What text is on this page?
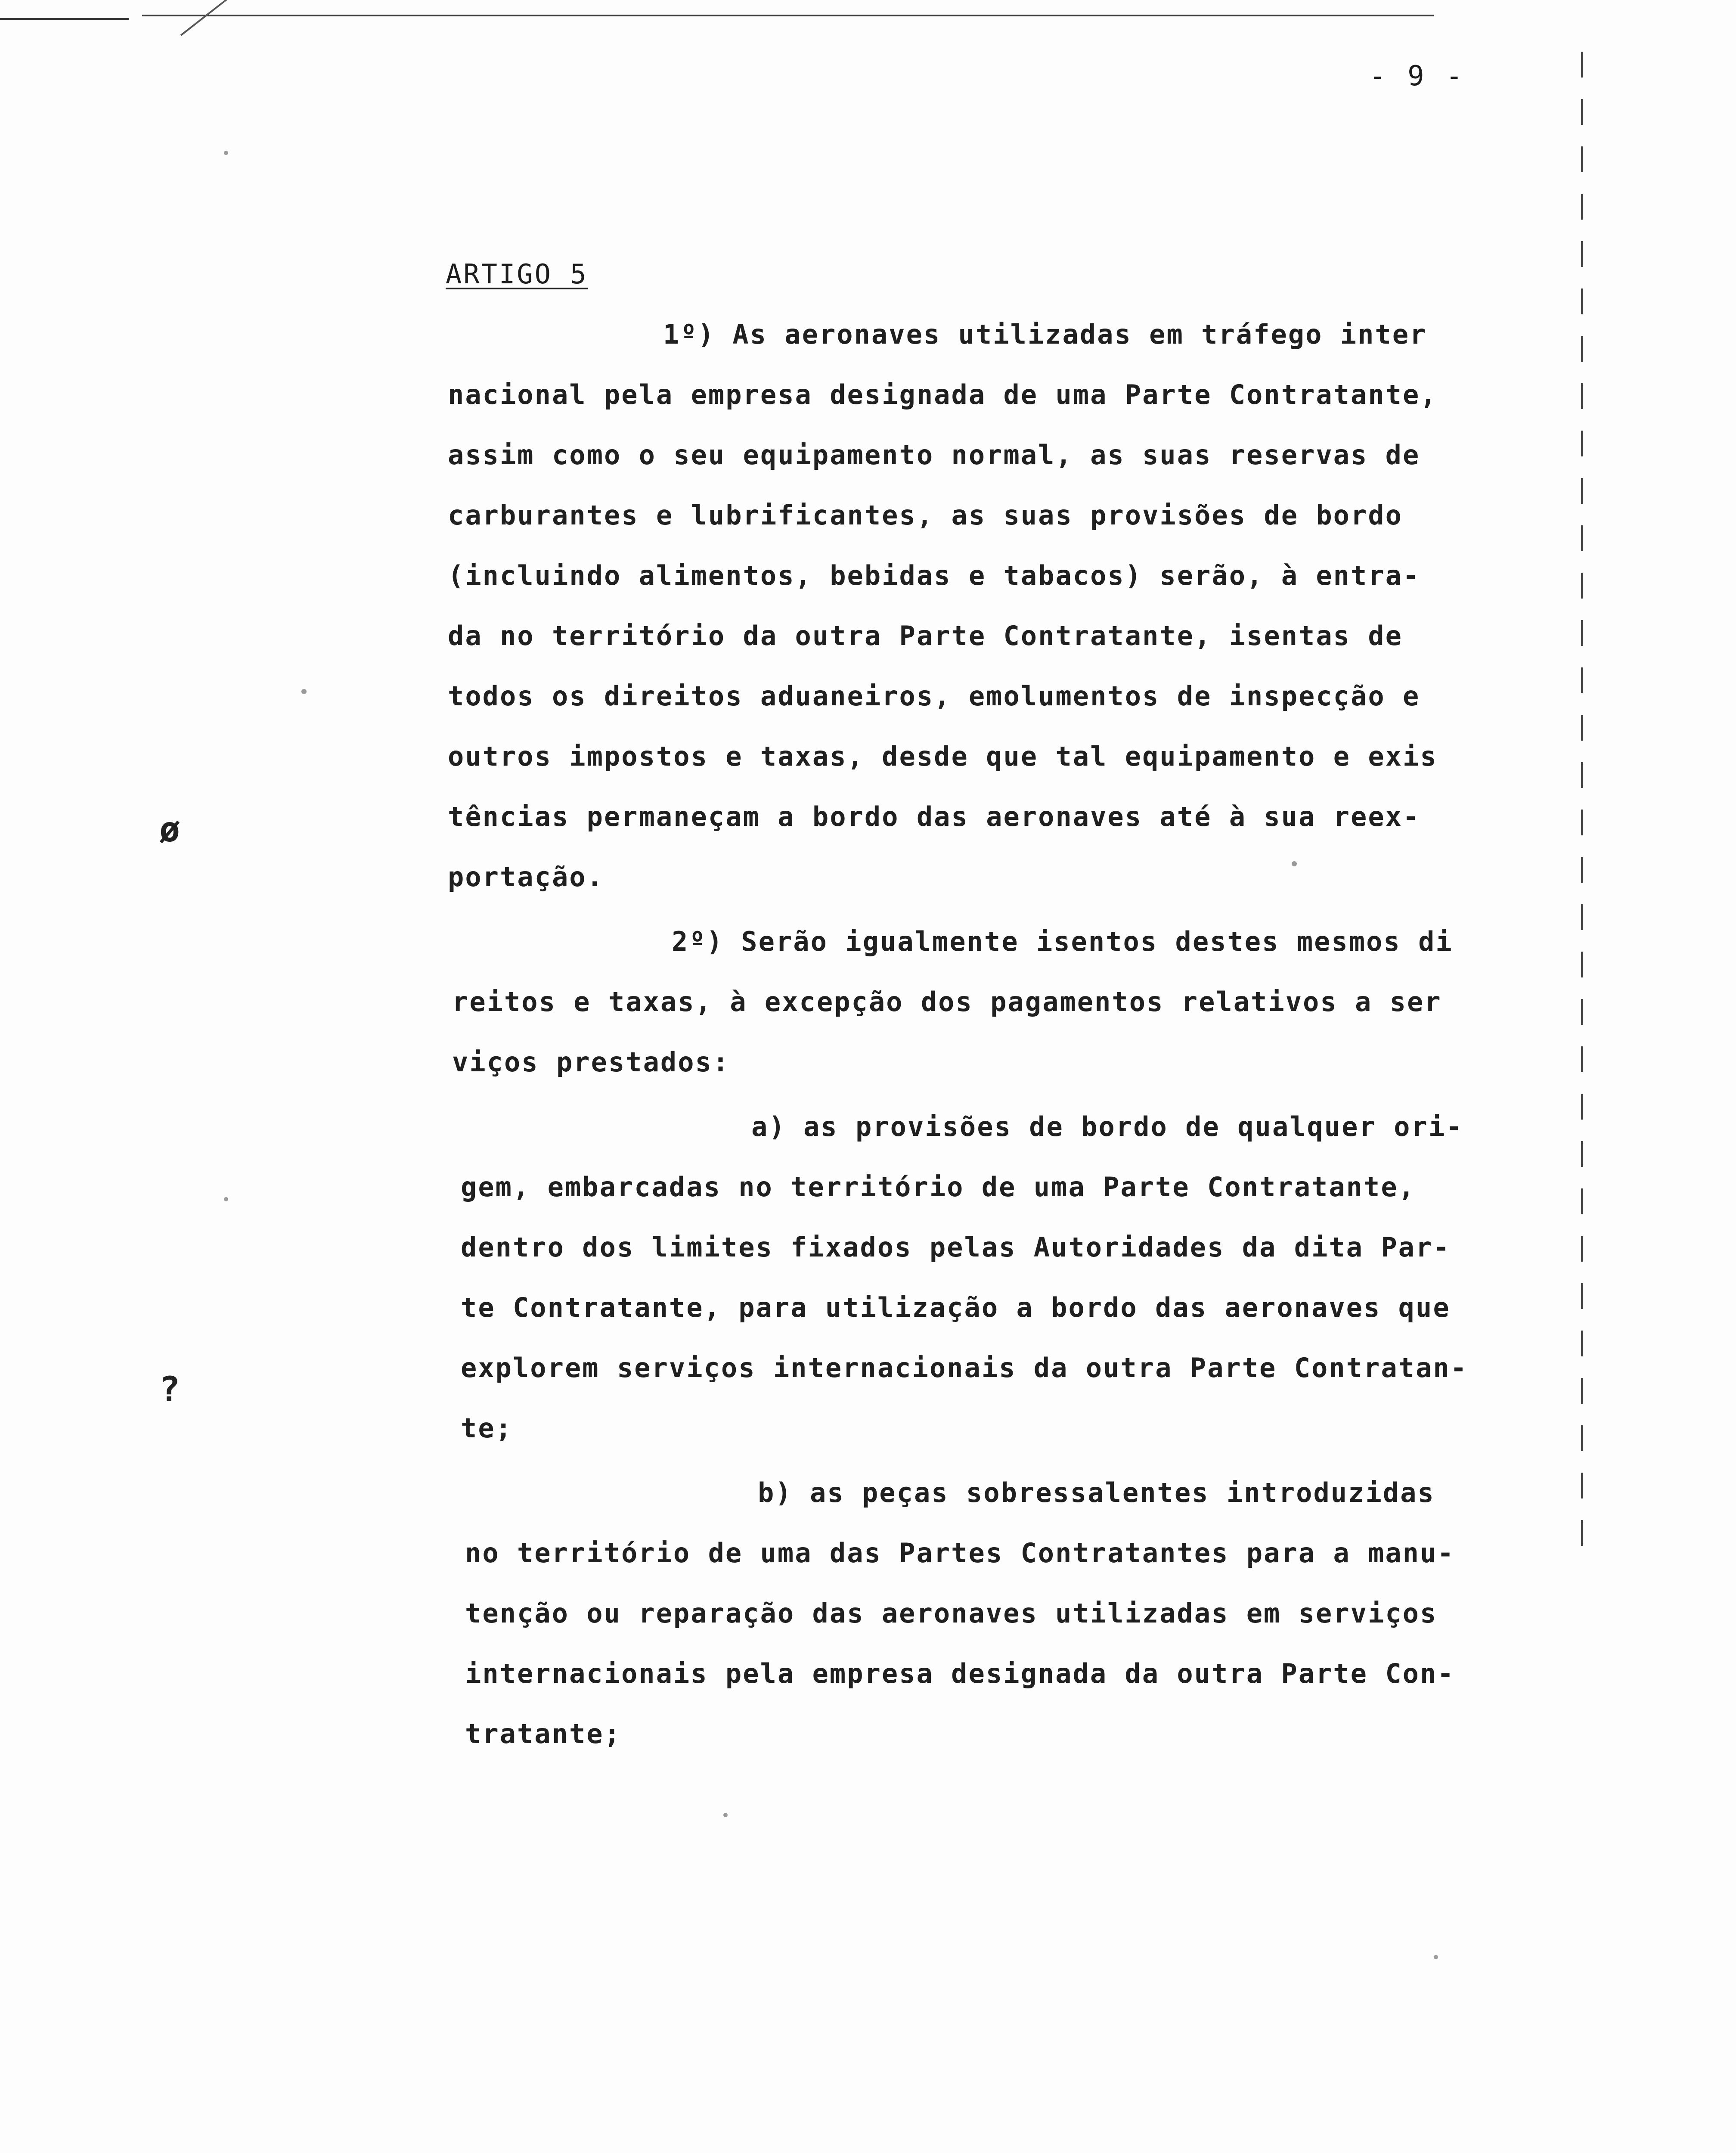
- 9 -
ARTIGO 5
1º) As aeronaves utilizadas em tráfego inter
nacional pela empresa designada de uma Parte Contratante,
assim como o seu equipamento normal, as suas reservas de
carburantes e lubrificantes, as suas provisões de bordo
(incluindo alimentos, bebidas e tabacos) serão, à entra-
da no território da outra Parte Contratante, isentas de
todos os direitos aduaneiros, emolumentos de inspecção e
outros impostos e taxas, desde que tal equipamento e exis
tências permaneçam a bordo das aeronaves até à sua reex-
portação.
2º) Serão igualmente isentos destes mesmos di
reitos e taxas, à excepção dos pagamentos relativos a ser
viços prestados:
a) as provisões de bordo de qualquer ori-
gem, embarcadas no território de uma Parte Contratante,
dentro dos limites fixados pelas Autoridades da dita Par-
te Contratante, para utilização a bordo das aeronaves que
explorem serviços internacionais da outra Parte Contratan-
te;
b) as peças sobressalentes introduzidas
no território de uma das Partes Contratantes para a manu-
tenção ou reparação das aeronaves utilizadas em serviços
internacionais pela empresa designada da outra Parte Con-
tratante;
ø
?
